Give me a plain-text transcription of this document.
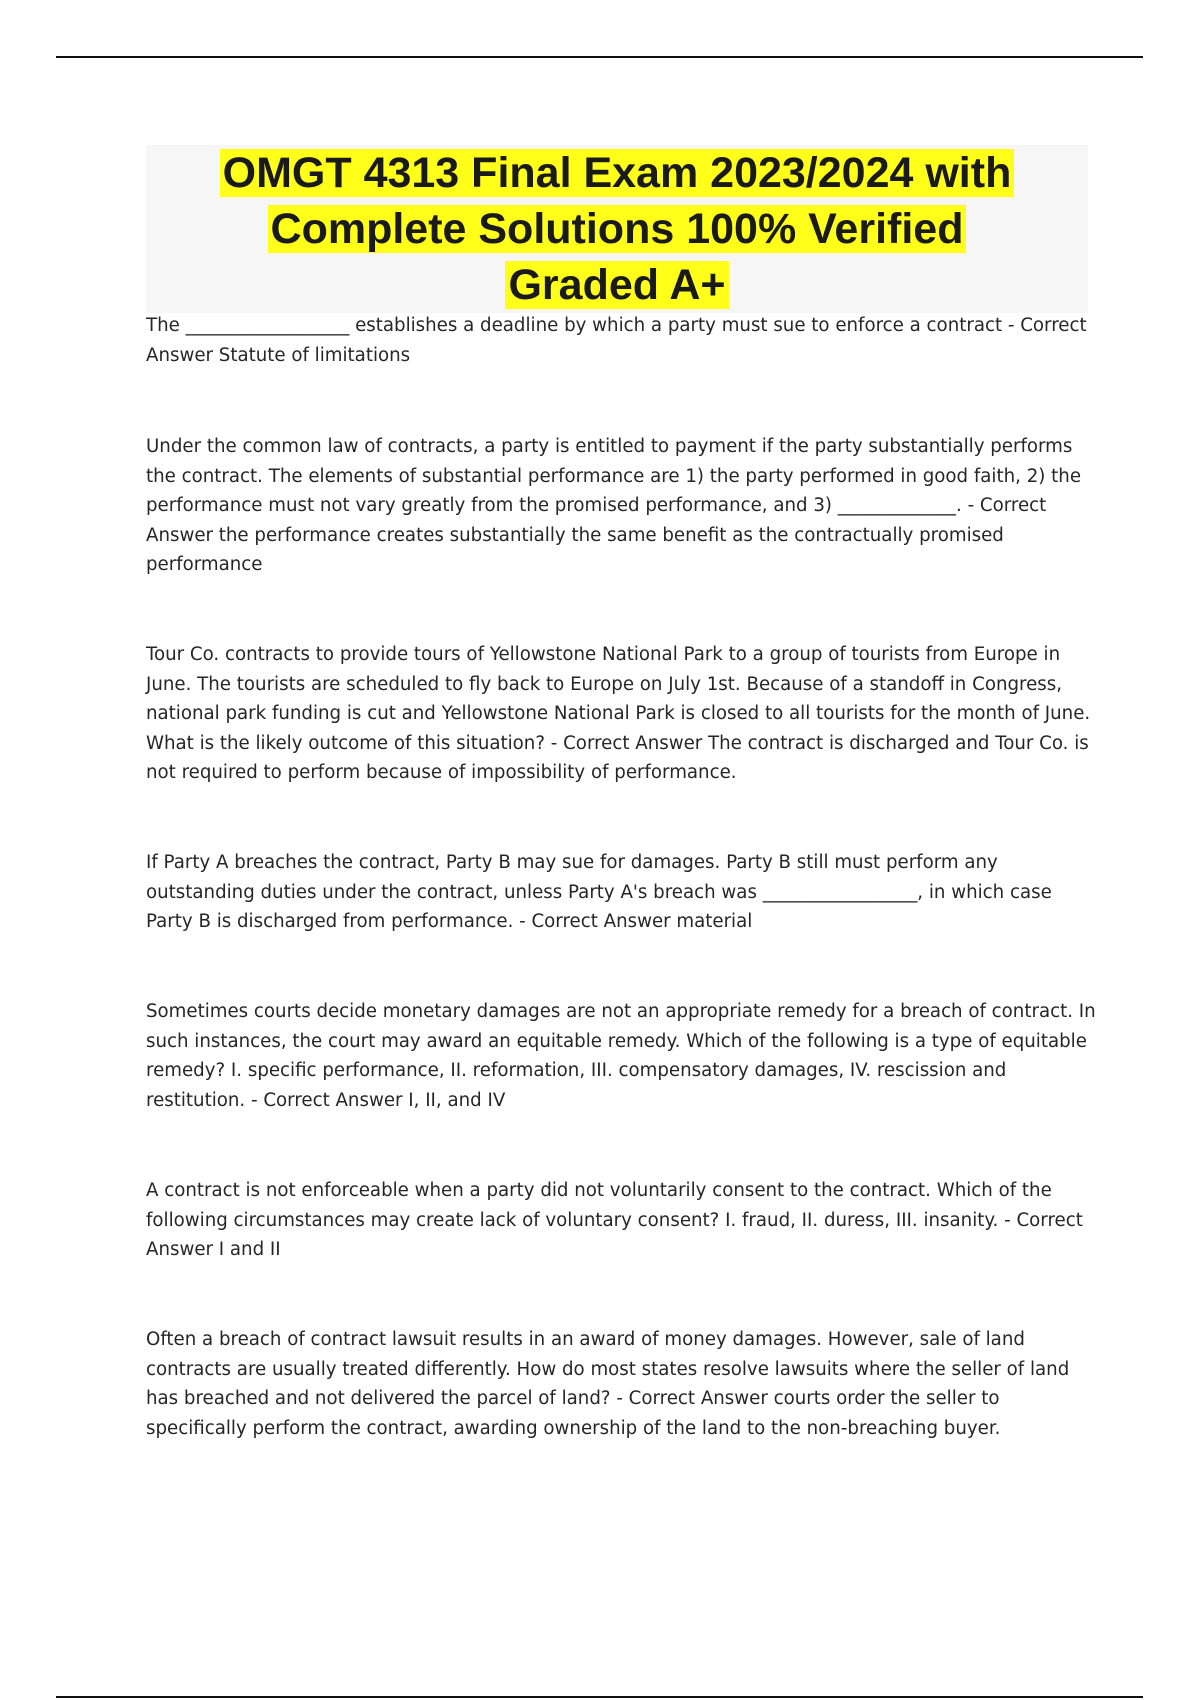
OMGT 4313 Final Exam 2023/2024 with
Complete Solutions 100% Verified
Graded A+

The __________________ establishes a deadline by which a party must sue to enforce a contract - Correct Answer Statute of limitations

Under the common law of contracts, a party is entitled to payment if the party substantially performs the contract. The elements of substantial performance are 1) the party performed in good faith, 2) the performance must not vary greatly from the promised performance, and 3) _____________. - Correct Answer the performance creates substantially the same benefit as the contractually promised performance

Tour Co. contracts to provide tours of Yellowstone National Park to a group of tourists from Europe in June. The tourists are scheduled to fly back to Europe on July 1st. Because of a standoff in Congress, national park funding is cut and Yellowstone National Park is closed to all tourists for the month of June. What is the likely outcome of this situation? - Correct Answer The contract is discharged and Tour Co. is not required to perform because of impossibility of performance.

If Party A breaches the contract, Party B may sue for damages. Party B still must perform any outstanding duties under the contract, unless Party A's breach was _________________, in which case Party B is discharged from performance. - Correct Answer material

Sometimes courts decide monetary damages are not an appropriate remedy for a breach of contract. In such instances, the court may award an equitable remedy. Which of the following is a type of equitable remedy? I. specific performance, II. reformation, III. compensatory damages, IV. rescission and restitution. - Correct Answer I, II, and IV

A contract is not enforceable when a party did not voluntarily consent to the contract. Which of the following circumstances may create lack of voluntary consent? I. fraud, II. duress, III. insanity. - Correct Answer I and II

Often a breach of contract lawsuit results in an award of money damages. However, sale of land contracts are usually treated differently. How do most states resolve lawsuits where the seller of land has breached and not delivered the parcel of land? - Correct Answer courts order the seller to specifically perform the contract, awarding ownership of the land to the non-breaching buyer.
